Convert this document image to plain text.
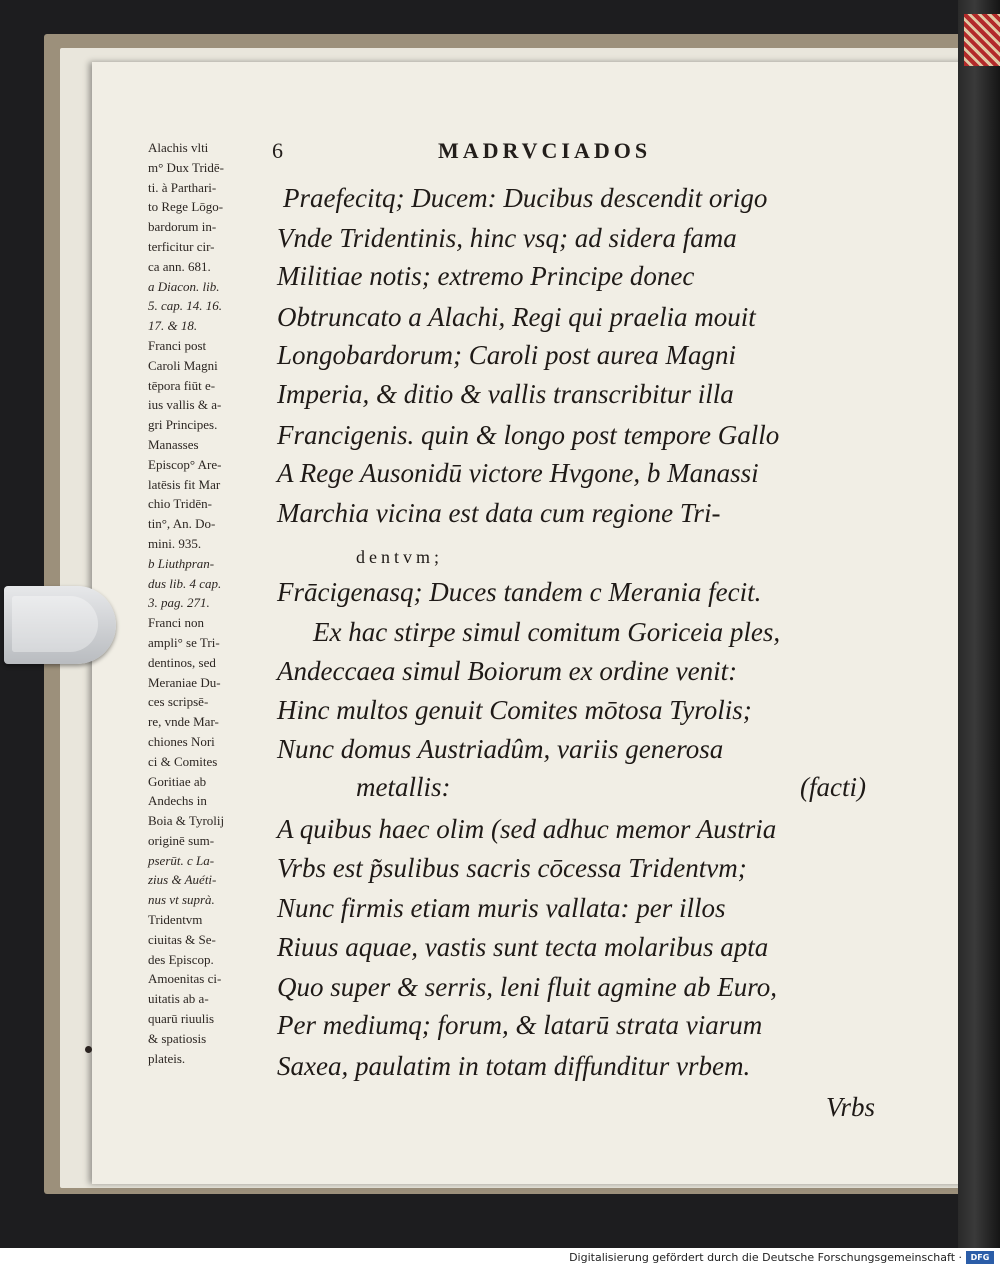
Alachis vlti
m° Dux Tridē-
ti. à Parthari-
to Rege Lōgo-
bardorum in-
terficitur cir-
ca ann. 681.
a Diacon. lib.
5. cap. 14. 16.
17. & 18.
Franci post
Caroli Magni
tēpora fiūt e-
ius vallis & a-
gri Principes.
Manasses
Episcop° Are-
latēsis fit Mar
chio Tridēn-
tin°, An. Do-
mini. 935.
b Liuthpran-
dus lib. 4 cap.
3. pag. 271.
Franci non
ampli° se Tri-
dentinos, sed
Meraniae Du-
ces scripsē-
re, vnde Mar-
chiones Nori
ci & Comites
Goritiae ab
Andechs in
Boia & Tyrolij
originē sum-
pserūt. c La-
zius & Auéti-
nus vt suprà.
Tridentvm
ciuitas & Se-
des Episcop.
Amoenitas ci-
uitatis ab a-
quarū riuulis
& spatiosis
plateis.
6	MADRVCIADOS
Praefecitq; Ducem: Ducibus descendit origo
Vnde Tridentinis, hinc vsq; ad sidera fama
Militiae notis; extremo Principe donec
Obtruncato a Alachi, Regi qui praelia mouit
Longobardorum; Caroli post aurea Magni
Imperia, & ditio & vallis transcribitur illa
Francigenis. quin & longo post tempore Gallo
A Rege Ausonidū victore Hvgone, b Manassi
Marchia vicina est data cum regione Tri-
dentvm;
Frācigenasq; Duces tandem c Merania fecit.
Ex hac stirpe simul comitum Goriceia ples,
Andeccaea simul Boiorum ex ordine venit:
Hinc multos genuit Comites mōtosa Tyrolis;
Nunc domus Austriadûm, variis generosa
metallis:	(facti)
A quibus haec olim (sed adhuc memor Austria
Vrbs est p̃sulibus sacris cōcessa Tridentvm;
Nunc firmis etiam muris vallata: per illos
Riuus aquae, vastis sunt tecta molaribus apta
Quo super & serris, leni fluit agmine ab Euro,
Per mediumq; forum, & latarū strata viarum
Saxea, paulatim in totam diffunditur vrbem.
Vrbs
Digitalisierung gefördert durch die Deutsche Forschungsgemeinschaft ·	DFG
